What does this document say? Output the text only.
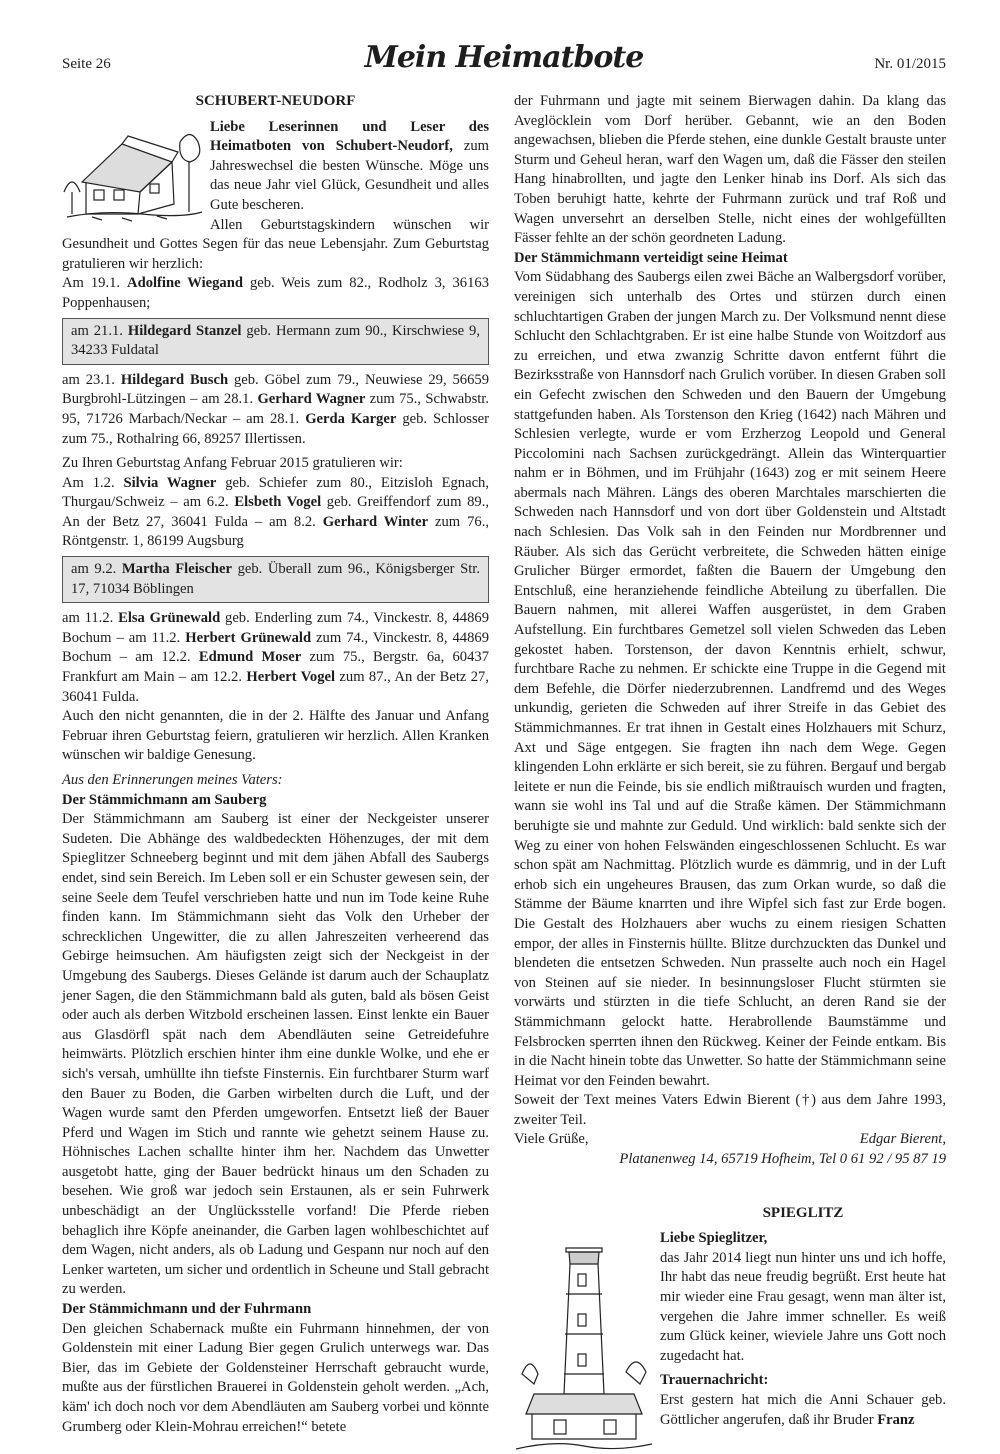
Seite 26	Mein Heimatbote	Nr. 01/2015

SCHUBERT-NEUDORF

Liebe Leserinnen und Leser des Heimatboten von Schubert-Neudorf, zum Jahreswechsel die besten Wünsche. Möge uns das neue Jahr viel Glück, Gesundheit und alles Gute bescheren.

Allen Geburtstagskindern wünschen wir Gesundheit und Gottes Segen für das neue Lebensjahr. Zum Geburtstag gratulieren wir herzlich:

Am 19.1. Adolfine Wiegand geb. Weis zum 82., Rodholz 3, 36163 Poppenhausen;

am 21.1. Hildegard Stanzel geb. Hermann zum 90., Kirschwiese 9, 34233 Fuldatal

am 23.1. Hildegard Busch geb. Göbel zum 79., Neuwiese 29, 56659 Burgbrohl-Lützingen – am 28.1. Gerhard Wagner zum 75., Schwabstr. 95, 71726 Marbach/Neckar – am 28.1. Gerda Karger geb. Schlosser zum 75., Rothalring 66, 89257 Illertissen.

Zu Ihren Geburtstag Anfang Februar 2015 gratulieren wir:

Am 1.2. Silvia Wagner geb. Schiefer zum 80., Eitzisloh Egnach, Thurgau/Schweiz – am 6.2. Elsbeth Vogel geb. Greiffendorf zum 89., An der Betz 27, 36041 Fulda – am 8.2. Gerhard Winter zum 76., Röntgenstr. 1, 86199 Augsburg

am 9.2. Martha Fleischer geb. Überall zum 96., Königsberger Str. 17, 71034 Böblingen

am 11.2. Elsa Grünewald geb. Enderling zum 74., Vinckestr. 8, 44869 Bochum – am 11.2. Herbert Grünewald zum 74., Vinckestr. 8, 44869 Bochum – am 12.2. Edmund Moser zum 75., Bergstr. 6a, 60437 Frankfurt am Main – am 12.2. Herbert Vogel zum 87., An der Betz 27, 36041 Fulda.

Auch den nicht genannten, die in der 2. Hälfte des Januar und Anfang Februar ihren Geburtstag feiern, gratulieren wir herzlich. Allen Kranken wünschen wir baldige Genesung.

Aus den Erinnerungen meines Vaters:

Der Stämmichmann am Sauberg

Der Stämmichmann am Sauberg ist einer der Neckgeister unserer Sudeten. Die Abhänge des waldbedeckten Höhenzuges, der mit dem Spieglitzer Schneeberg beginnt und mit dem jähen Abfall des Saubergs endet, sind sein Bereich. Im Leben soll er ein Schuster gewesen sein, der seine Seele dem Teufel verschrieben hatte und nun im Tode keine Ruhe finden kann. Im Stämmichmann sieht das Volk den Urheber der schrecklichen Ungewitter, die zu allen Jahreszeiten verheerend das Gebirge heimsuchen. Am häufigsten zeigt sich der Neckgeist in der Umgebung des Saubergs. Dieses Gelände ist darum auch der Schauplatz jener Sagen, die den Stämmichmann bald als guten, bald als bösen Geist oder auch als derben Witzbold erscheinen lassen. Einst lenkte ein Bauer aus Glasdörfl spät nach dem Abendläuten seine Getreidefuhre heimwärts. Plötzlich erschien hinter ihm eine dunkle Wolke, und ehe er sich's versah, umhüllte ihn tiefste Finsternis. Ein furchtbarer Sturm warf den Bauer zu Boden, die Garben wirbelten durch die Luft, und der Wagen wurde samt den Pferden umgeworfen. Entsetzt ließ der Bauer Pferd und Wagen im Stich und rannte wie gehetzt seinem Hause zu. Höhnisches Lachen schallte hinter ihm her. Nachdem das Unwetter ausgetobt hatte, ging der Bauer bedrückt hinaus um den Schaden zu besehen. Wie groß war jedoch sein Erstaunen, als er sein Fuhrwerk unbeschädigt an der Unglücksstelle vorfand! Die Pferde rieben behaglich ihre Köpfe aneinander, die Garben lagen wohlbeschichtet auf dem Wagen, nicht anders, als ob Ladung und Gespann nur noch auf den Lenker warteten, um sicher und ordentlich in Scheune und Stall gebracht zu werden.

Der Stämmichmann und der Fuhrmann

Den gleichen Schabernack mußte ein Fuhrmann hinnehmen, der von Goldenstein mit einer Ladung Bier gegen Grulich unterwegs war. Das Bier, das im Gebiete der Goldensteiner Herrschaft gebraucht wurde, mußte aus der fürstlichen Brauerei in Goldenstein geholt werden. „Ach, käm' ich doch noch vor dem Abendläuten am Sauberg vorbei und könnte Grumberg oder Klein-Mohrau erreichen!“ betete

der Fuhrmann und jagte mit seinem Bierwagen dahin. Da klang das Aveglöcklein vom Dorf herüber. Gebannt, wie an den Boden angewachsen, blieben die Pferde stehen, eine dunkle Gestalt brauste unter Sturm und Geheul heran, warf den Wagen um, daß die Fässer den steilen Hang hinabrollten, und jagte den Lenker hinab ins Dorf. Als sich das Toben beruhigt hatte, kehrte der Fuhrmann zurück und traf Roß und Wagen unversehrt an derselben Stelle, nicht eines der wohlgefüllten Fässer fehlte an der schön geordneten Ladung.

Der Stämmichmann verteidigt seine Heimat

Vom Südabhang des Saubergs eilen zwei Bäche an Walbergsdorf vorüber, vereinigen sich unterhalb des Ortes und stürzen durch einen schluchtartigen Graben der jungen March zu. Der Volksmund nennt diese Schlucht den Schlachtgraben. Er ist eine halbe Stunde von Woitzdorf aus zu erreichen, und etwa zwanzig Schritte davon entfernt führt die Bezirksstraße von Hannsdorf nach Grulich vorüber. In diesen Graben soll ein Gefecht zwischen den Schweden und den Bauern der Umgebung stattgefunden haben. Als Torstenson den Krieg (1642) nach Mähren und Schlesien verlegte, wurde er vom Erzherzog Leopold und General Piccolomini nach Sachsen zurückgedrängt. Allein das Winterquartier nahm er in Böhmen, und im Frühjahr (1643) zog er mit seinem Heere abermals nach Mähren. Längs des oberen Marchtales marschierten die Schweden nach Hannsdorf und von dort über Goldenstein und Altstadt nach Schlesien. Das Volk sah in den Feinden nur Mordbrenner und Räuber. Als sich das Gerücht verbreitete, die Schweden hätten einige Grulicher Bürger ermordet, faßten die Bauern der Umgebung den Entschluß, eine heranziehende feindliche Abteilung zu überfallen. Die Bauern nahmen, mit allerei Waffen ausgerüstet, in dem Graben Aufstellung. Ein furchtbares Gemetzel soll vielen Schweden das Leben gekostet haben. Torstenson, der davon Kenntnis erhielt, schwur, furchtbare Rache zu nehmen. Er schickte eine Truppe in die Gegend mit dem Befehle, die Dörfer niederzubrennen. Landfremd und des Weges unkundig, gerieten die Schweden auf ihrer Streife in das Gebiet des Stämmichmannes. Er trat ihnen in Gestalt eines Holzhauers mit Schurz, Axt und Säge entgegen. Sie fragten ihn nach dem Wege. Gegen klingenden Lohn erklärte er sich bereit, sie zu führen. Bergauf und bergab leitete er nun die Feinde, bis sie endlich mißtrauisch wurden und fragten, wann sie wohl ins Tal und auf die Straße kämen. Der Stämmichmann beruhigte sie und mahnte zur Geduld. Und wirklich: bald senkte sich der Weg zu einer von hohen Felswänden eingeschlossenen Schlucht. Es war schon spät am Nachmittag. Plötzlich wurde es dämmrig, und in der Luft erhob sich ein ungeheures Brausen, das zum Orkan wurde, so daß die Stämme der Bäume knarrten und ihre Wipfel sich fast zur Erde bogen. Die Gestalt des Holzhauers aber wuchs zu einem riesigen Schatten empor, der alles in Finsternis hüllte. Blitze durchzuckten das Dunkel und blendeten die entsetzen Schweden. Nun prasselte auch noch ein Hagel von Steinen auf sie nieder. In besinnungsloser Flucht stürmten sie vorwärts und stürzten in die tiefe Schlucht, an deren Rand sie der Stämmichmann gelockt hatte. Herabrollende Baumstämme und Felsbrocken sperrten ihnen den Rückweg. Keiner der Feinde entkam. Bis in die Nacht hinein tobte das Unwetter. So hatte der Stämmichmann seine Heimat vor den Feinden bewahrt.

Soweit der Text meines Vaters Edwin Bierent (†) aus dem Jahre 1993, zweiter Teil.

Viele Grüße,	Edgar Bierent,

Platanenweg 14, 65719 Hofheim, Tel 0 61 92 / 95 87 19

SPIEGLITZ

Liebe Spieglitzer,

das Jahr 2014 liegt nun hinter uns und ich hoffe, Ihr habt das neue freudig begrüßt. Erst heute hat mir wieder eine Frau gesagt, wenn man älter ist, vergehen die Jahre immer schneller. Es weiß zum Glück keiner, wieviele Jahre uns Gott noch zugedacht hat.

Trauernachricht:

Erst gestern hat mich die Anni Schauer geb. Göttlicher angerufen, daß ihr Bruder Franz
